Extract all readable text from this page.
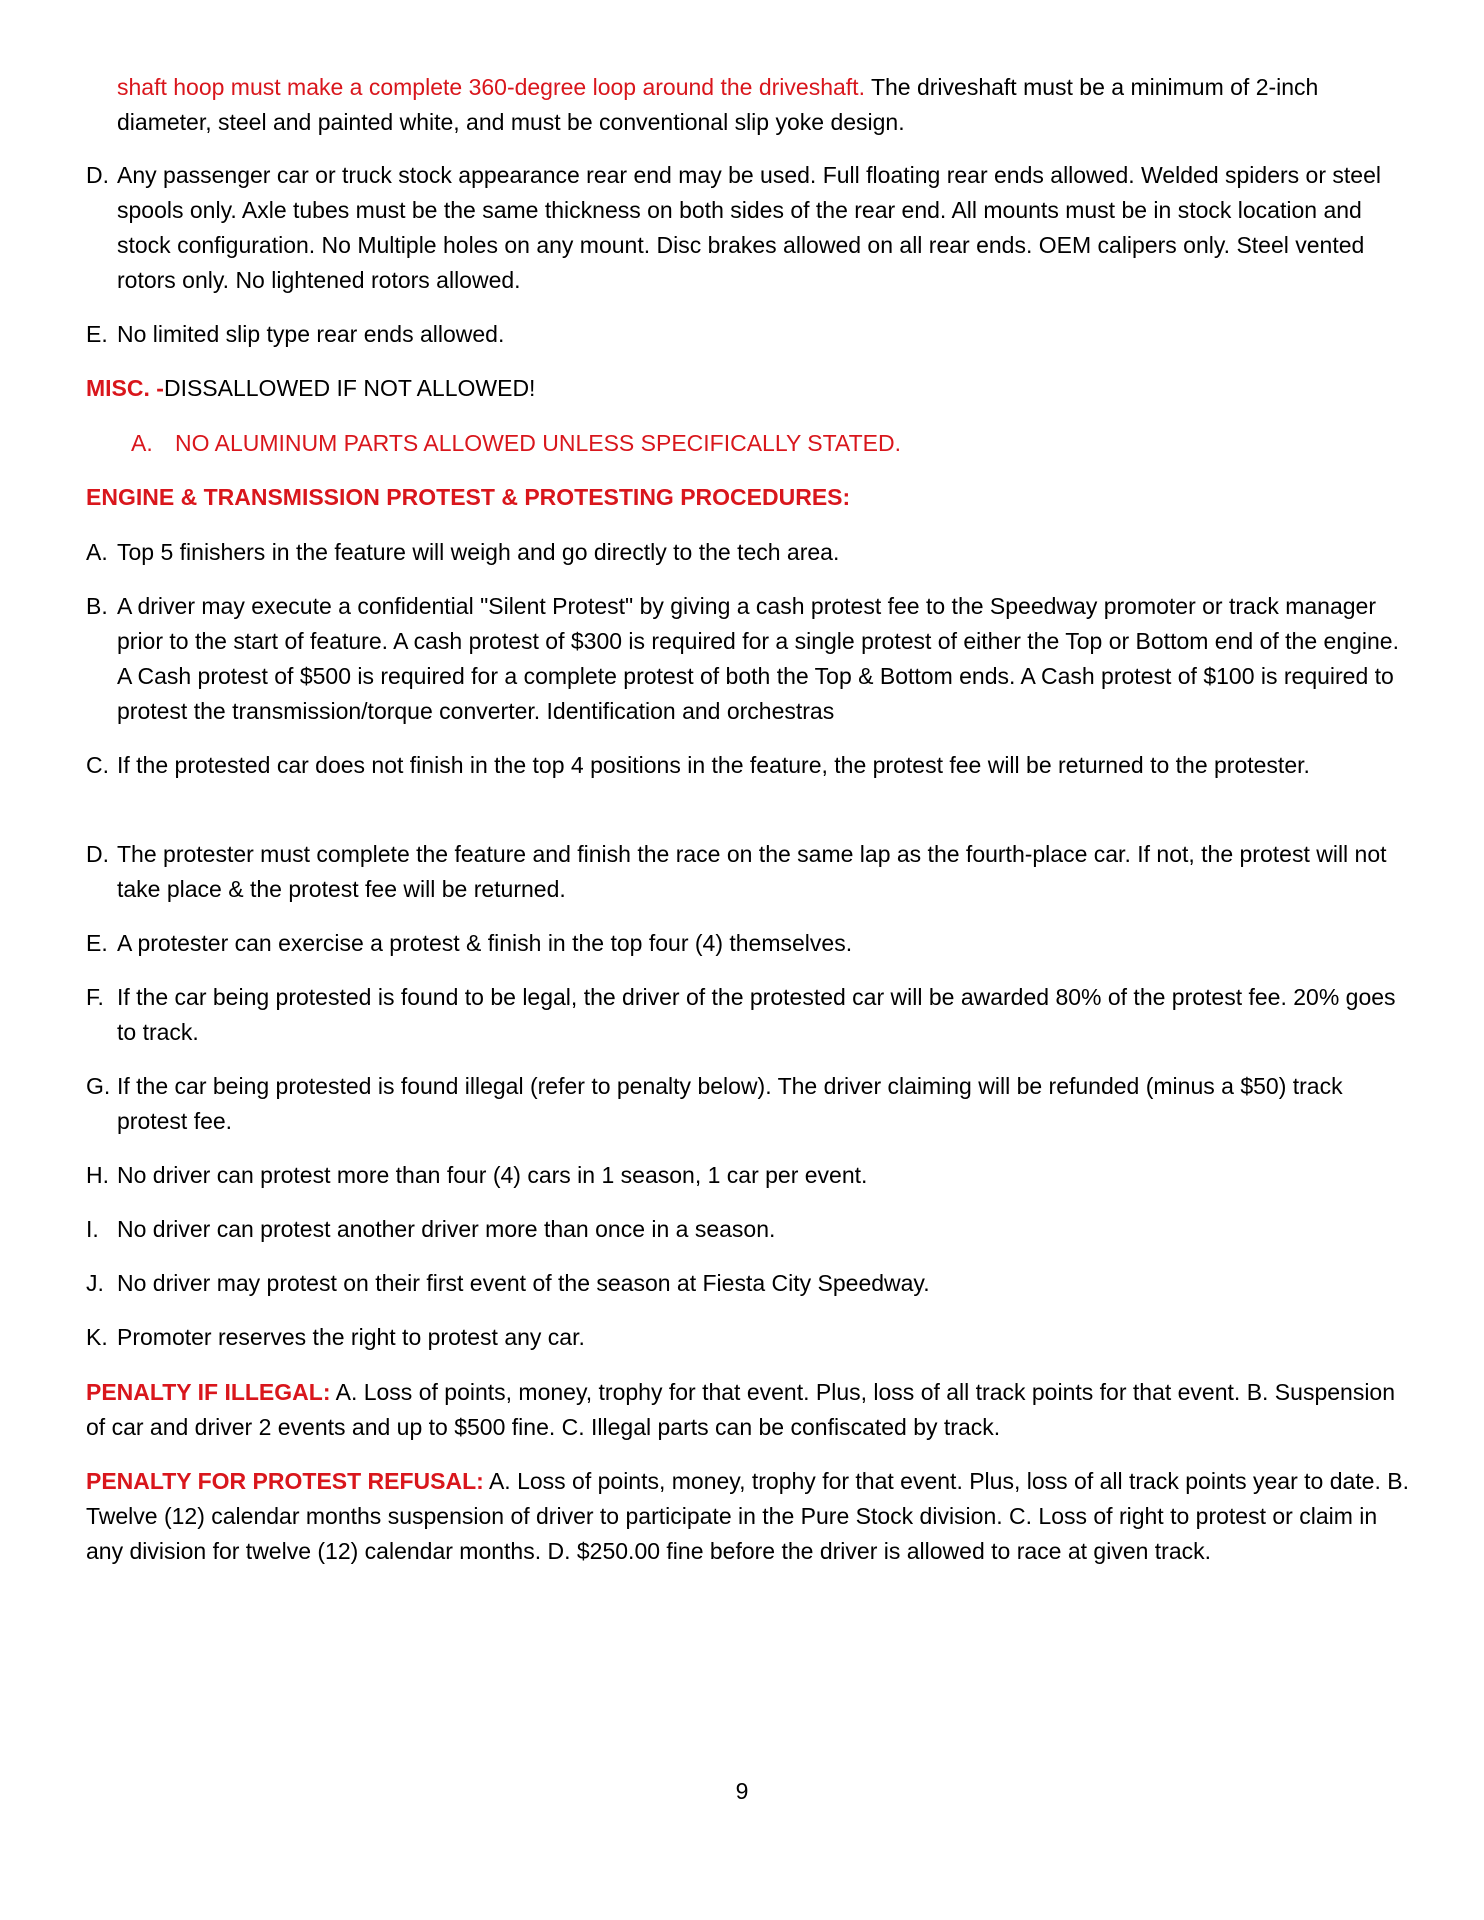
shaft hoop must make a complete 360-degree loop around the driveshaft. The driveshaft must be a minimum of 2-inch diameter, steel and painted white, and must be conventional slip yoke design.
D. Any passenger car or truck stock appearance rear end may be used. Full floating rear ends allowed. Welded spiders or steel spools only. Axle tubes must be the same thickness on both sides of the rear end. All mounts must be in stock location and stock configuration. No Multiple holes on any mount. Disc brakes allowed on all rear ends. OEM calipers only. Steel vented rotors only. No lightened rotors allowed.
E. No limited slip type rear ends allowed.
MISC. -DISSALLOWED IF NOT ALLOWED!
A. NO ALUMINUM PARTS ALLOWED UNLESS SPECIFICALLY STATED.
ENGINE & TRANSMISSION PROTEST & PROTESTING PROCEDURES:
A. Top 5 finishers in the feature will weigh and go directly to the tech area.
B. A driver may execute a confidential "Silent Protest" by giving a cash protest fee to the Speedway promoter or track manager prior to the start of feature. A cash protest of $300 is required for a single protest of either the Top or Bottom end of the engine. A Cash protest of $500 is required for a complete protest of both the Top & Bottom ends. A Cash protest of $100 is required to protest the transmission/torque converter. Identification and orchestras
C. If the protested car does not finish in the top 4 positions in the feature, the protest fee will be returned to the protester.
D. The protester must complete the feature and finish the race on the same lap as the fourth-place car. If not, the protest will not take place & the protest fee will be returned.
E. A protester can exercise a protest & finish in the top four (4) themselves.
F. If the car being protested is found to be legal, the driver of the protested car will be awarded 80% of the protest fee. 20% goes to track.
G. If the car being protested is found illegal (refer to penalty below). The driver claiming will be refunded (minus a $50) track protest fee.
H. No driver can protest more than four (4) cars in 1 season, 1 car per event.
I. No driver can protest another driver more than once in a season.
J. No driver may protest on their first event of the season at Fiesta City Speedway.
K. Promoter reserves the right to protest any car.
PENALTY IF ILLEGAL: A. Loss of points, money, trophy for that event. Plus, loss of all track points for that event. B. Suspension of car and driver 2 events and up to $500 fine. C. Illegal parts can be confiscated by track.
PENALTY FOR PROTEST REFUSAL: A. Loss of points, money, trophy for that event. Plus, loss of all track points year to date. B. Twelve (12) calendar months suspension of driver to participate in the Pure Stock division. C. Loss of right to protest or claim in any division for twelve (12) calendar months. D. $250.00 fine before the driver is allowed to race at given track.
9
